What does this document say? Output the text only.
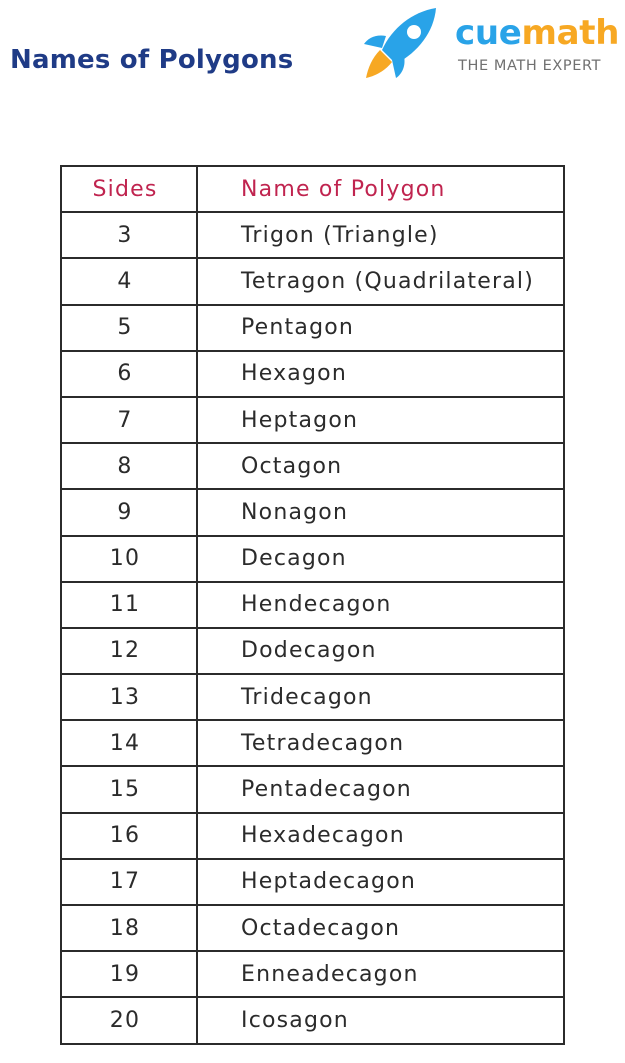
Names of Polygons
cuemath
THE MATH EXPERT
Sides	Name of Polygon
3	Trigon (Triangle)
4	Tetragon (Quadrilateral)
5	Pentagon
6	Hexagon
7	Heptagon
8	Octagon
9	Nonagon
10	Decagon
11	Hendecagon
12	Dodecagon
13	Tridecagon
14	Tetradecagon
15	Pentadecagon
16	Hexadecagon
17	Heptadecagon
18	Octadecagon
19	Enneadecagon
20	Icosagon
